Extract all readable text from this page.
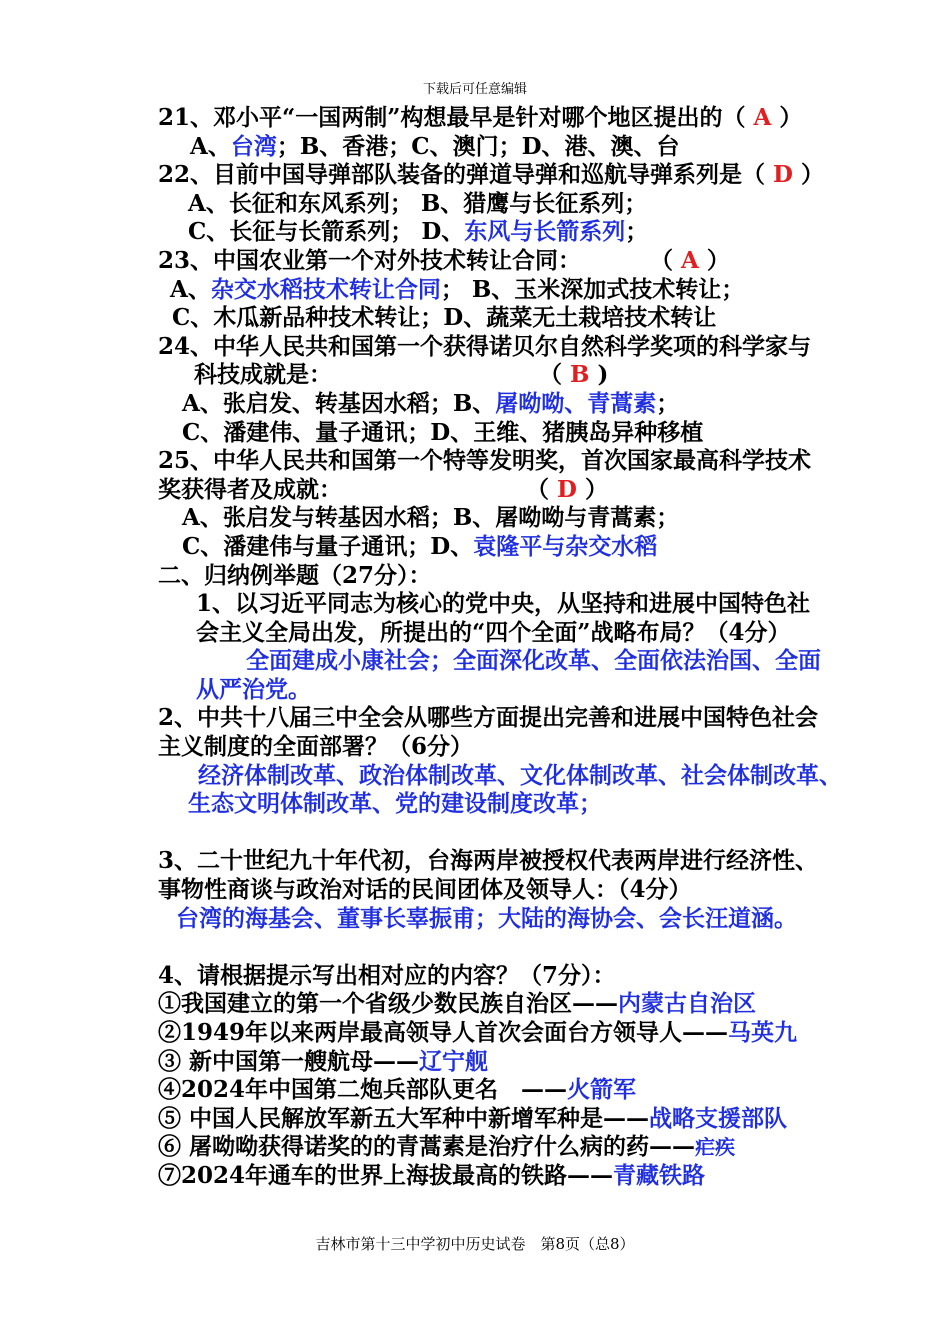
下载后可任意编辑
21、邓小平“一国两制”构想最早是针对哪个地区提出的（ A ）
A、台湾；B、香港；C、澳门；D、港、澳、台
22、目前中国导弹部队装备的弹道导弹和巡航导弹系列是（ D ）
A、长征和东风系列； B、猎鹰与长征系列；
C、长征与长箭系列； D、东风与长箭系列；
23、中国农业第一个对外技术转让合同：　　　　（ A ）
A、杂交水稻技术转让合同； B、玉米深加式技术转让；
C、木瓜新品种技术转让；D、蔬菜无土栽培技术转让
24、中华人民共和国第一个获得诺贝尔自然科学奖项的科学家与
科技成就是：　　　　　　　　　　（ B )
A、张启发、转基因水稻；B、屠呦呦、青蒿素；
C、潘建伟、量子通讯；D、王维、猪胰岛异种移植
25、中华人民共和国第一个特等发明奖，首次国家最高科学技术
奖获得者及成就：　　　　　　　　　（ D ）
A、张启发与转基因水稻；B、屠呦呦与青蒿素；
C、潘建伟与量子通讯；D、袁隆平与杂交水稻
二、归纳例举题（27分）：
1、以习近平同志为核心的党中央，从坚持和进展中国特色社
会主义全局出发，所提出的“四个全面”战略布局？（4分）
全面建成小康社会；全面深化改革、全面依法治国、全面
从严治党。
2、中共十八届三中全会从哪些方面提出完善和进展中国特色社会
主义制度的全面部署？（6分）
经济体制改革、政治体制改革、文化体制改革、社会体制改革、
生态文明体制改革、党的建设制度改革；
3、二十世纪九十年代初，台海两岸被授权代表两岸进行经济性、
事物性商谈与政治对话的民间团体及领导人：（4分）
台湾的海基会、董事长辜振甫；大陆的海协会、会长汪道涵。
4、请根据提示写出相对应的内容？（7分）：
①我国建立的第一个省级少数民族自治区——内蒙古自治区
②1949年以来两岸最高领导人首次会面台方领导人——马英九
③ 新中国第一艘航母——辽宁舰
④2024年中国第二炮兵部队更名　——火箭军
⑤ 中国人民解放军新五大军种中新增军种是——战略支援部队
⑥ 屠呦呦获得诺奖的的青蒿素是治疗什么病的药——疟疾
⑦2024年通车的世界上海拔最高的铁路——青藏铁路
吉林市第十三中学初中历史试卷　第8页（总8）
